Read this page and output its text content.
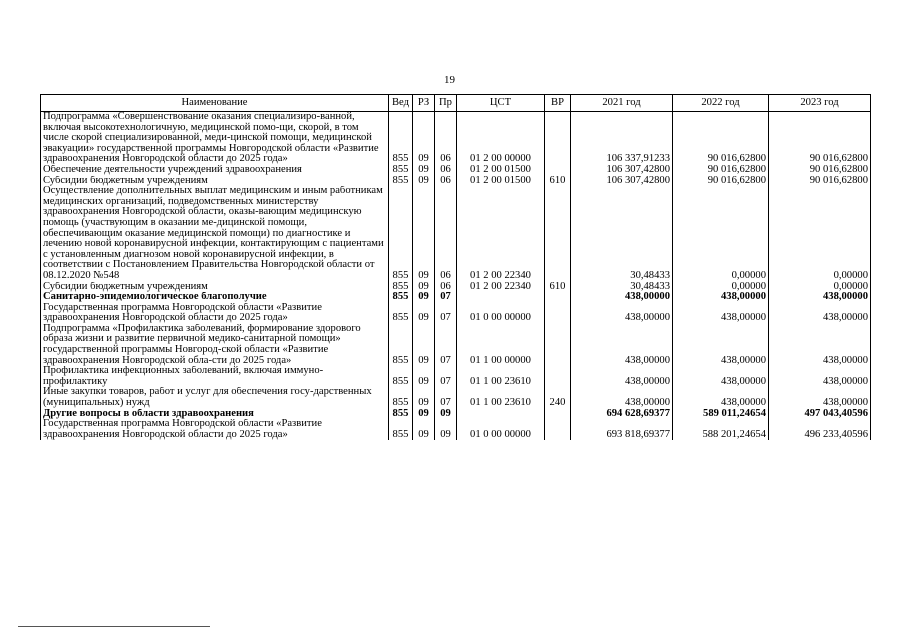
19
Наименование	Вед	РЗ	Пр	ЦСТ	ВР	2021 год	2022 год	2023 год
Подпрограмма «Совершенствование оказания специализиро-ванной, включая высокотехнологичную, медицинской помо-щи, скорой, в том числе скорой специализированной, меди-цинской помощи, медицинской эвакуации» государственной программы Новгородской области «Развитие здравоохранения Новгородской области до 2025 года»	855	09	06	01 2 00 00000		106 337,91233	90 016,62800	90 016,62800
Обеспечение деятельности учреждений здравоохранения	855	09	06	01 2 00 01500		106 307,42800	90 016,62800	90 016,62800
Субсидии бюджетным учреждениям	855	09	06	01 2 00 01500	610	106 307,42800	90 016,62800	90 016,62800
Осуществление дополнительных выплат медицинским и иным работникам медицинских организаций, подведомственных министерству здравоохранения Новгородской области, оказы-вающим медицинскую помощь (участвующим в оказании ме-дицинской помощи, обеспечивающим оказание медицинской помощи) по диагностике и лечению новой коронавирусной инфекции, контактирующим с пациентами с установленным диагнозом новой коронавирусной инфекции, в соответствии с Постановлением Правительства Новгородской области от 08.12.2020 №548	855	09	06	01 2 00 22340		30,48433	0,00000	0,00000
Субсидии бюджетным учреждениям	855	09	06	01 2 00 22340	610	30,48433	0,00000	0,00000
Санитарно-эпидемиологическое благополучие	855	09	07			438,00000	438,00000	438,00000
Государственная программа Новгородской области «Развитие здравоохранения Новгородской области до 2025 года»	855	09	07	01 0 00 00000		438,00000	438,00000	438,00000
Подпрограмма «Профилактика заболеваний, формирование здорового образа жизни и развитие первичной медико-санитарной помощи» государственной программы Новгород-ской области «Развитие здравоохранения Новгородской обла-сти до 2025 года»	855	09	07	01 1 00 00000		438,00000	438,00000	438,00000
Профилактика инфекционных заболеваний, включая иммуно-профилактику	855	09	07	01 1 00 23610		438,00000	438,00000	438,00000
Иные закупки товаров, работ и услуг для обеспечения госу-дарственных (муниципальных) нужд	855	09	07	01 1 00 23610	240	438,00000	438,00000	438,00000
Другие вопросы в области здравоохранения	855	09	09			694 628,69377	589 011,24654	497 043,40596
Государственная программа Новгородской области «Развитие здравоохранения Новгородской области до 2025 года»	855	09	09	01 0 00 00000		693 818,69377	588 201,24654	496 233,40596
